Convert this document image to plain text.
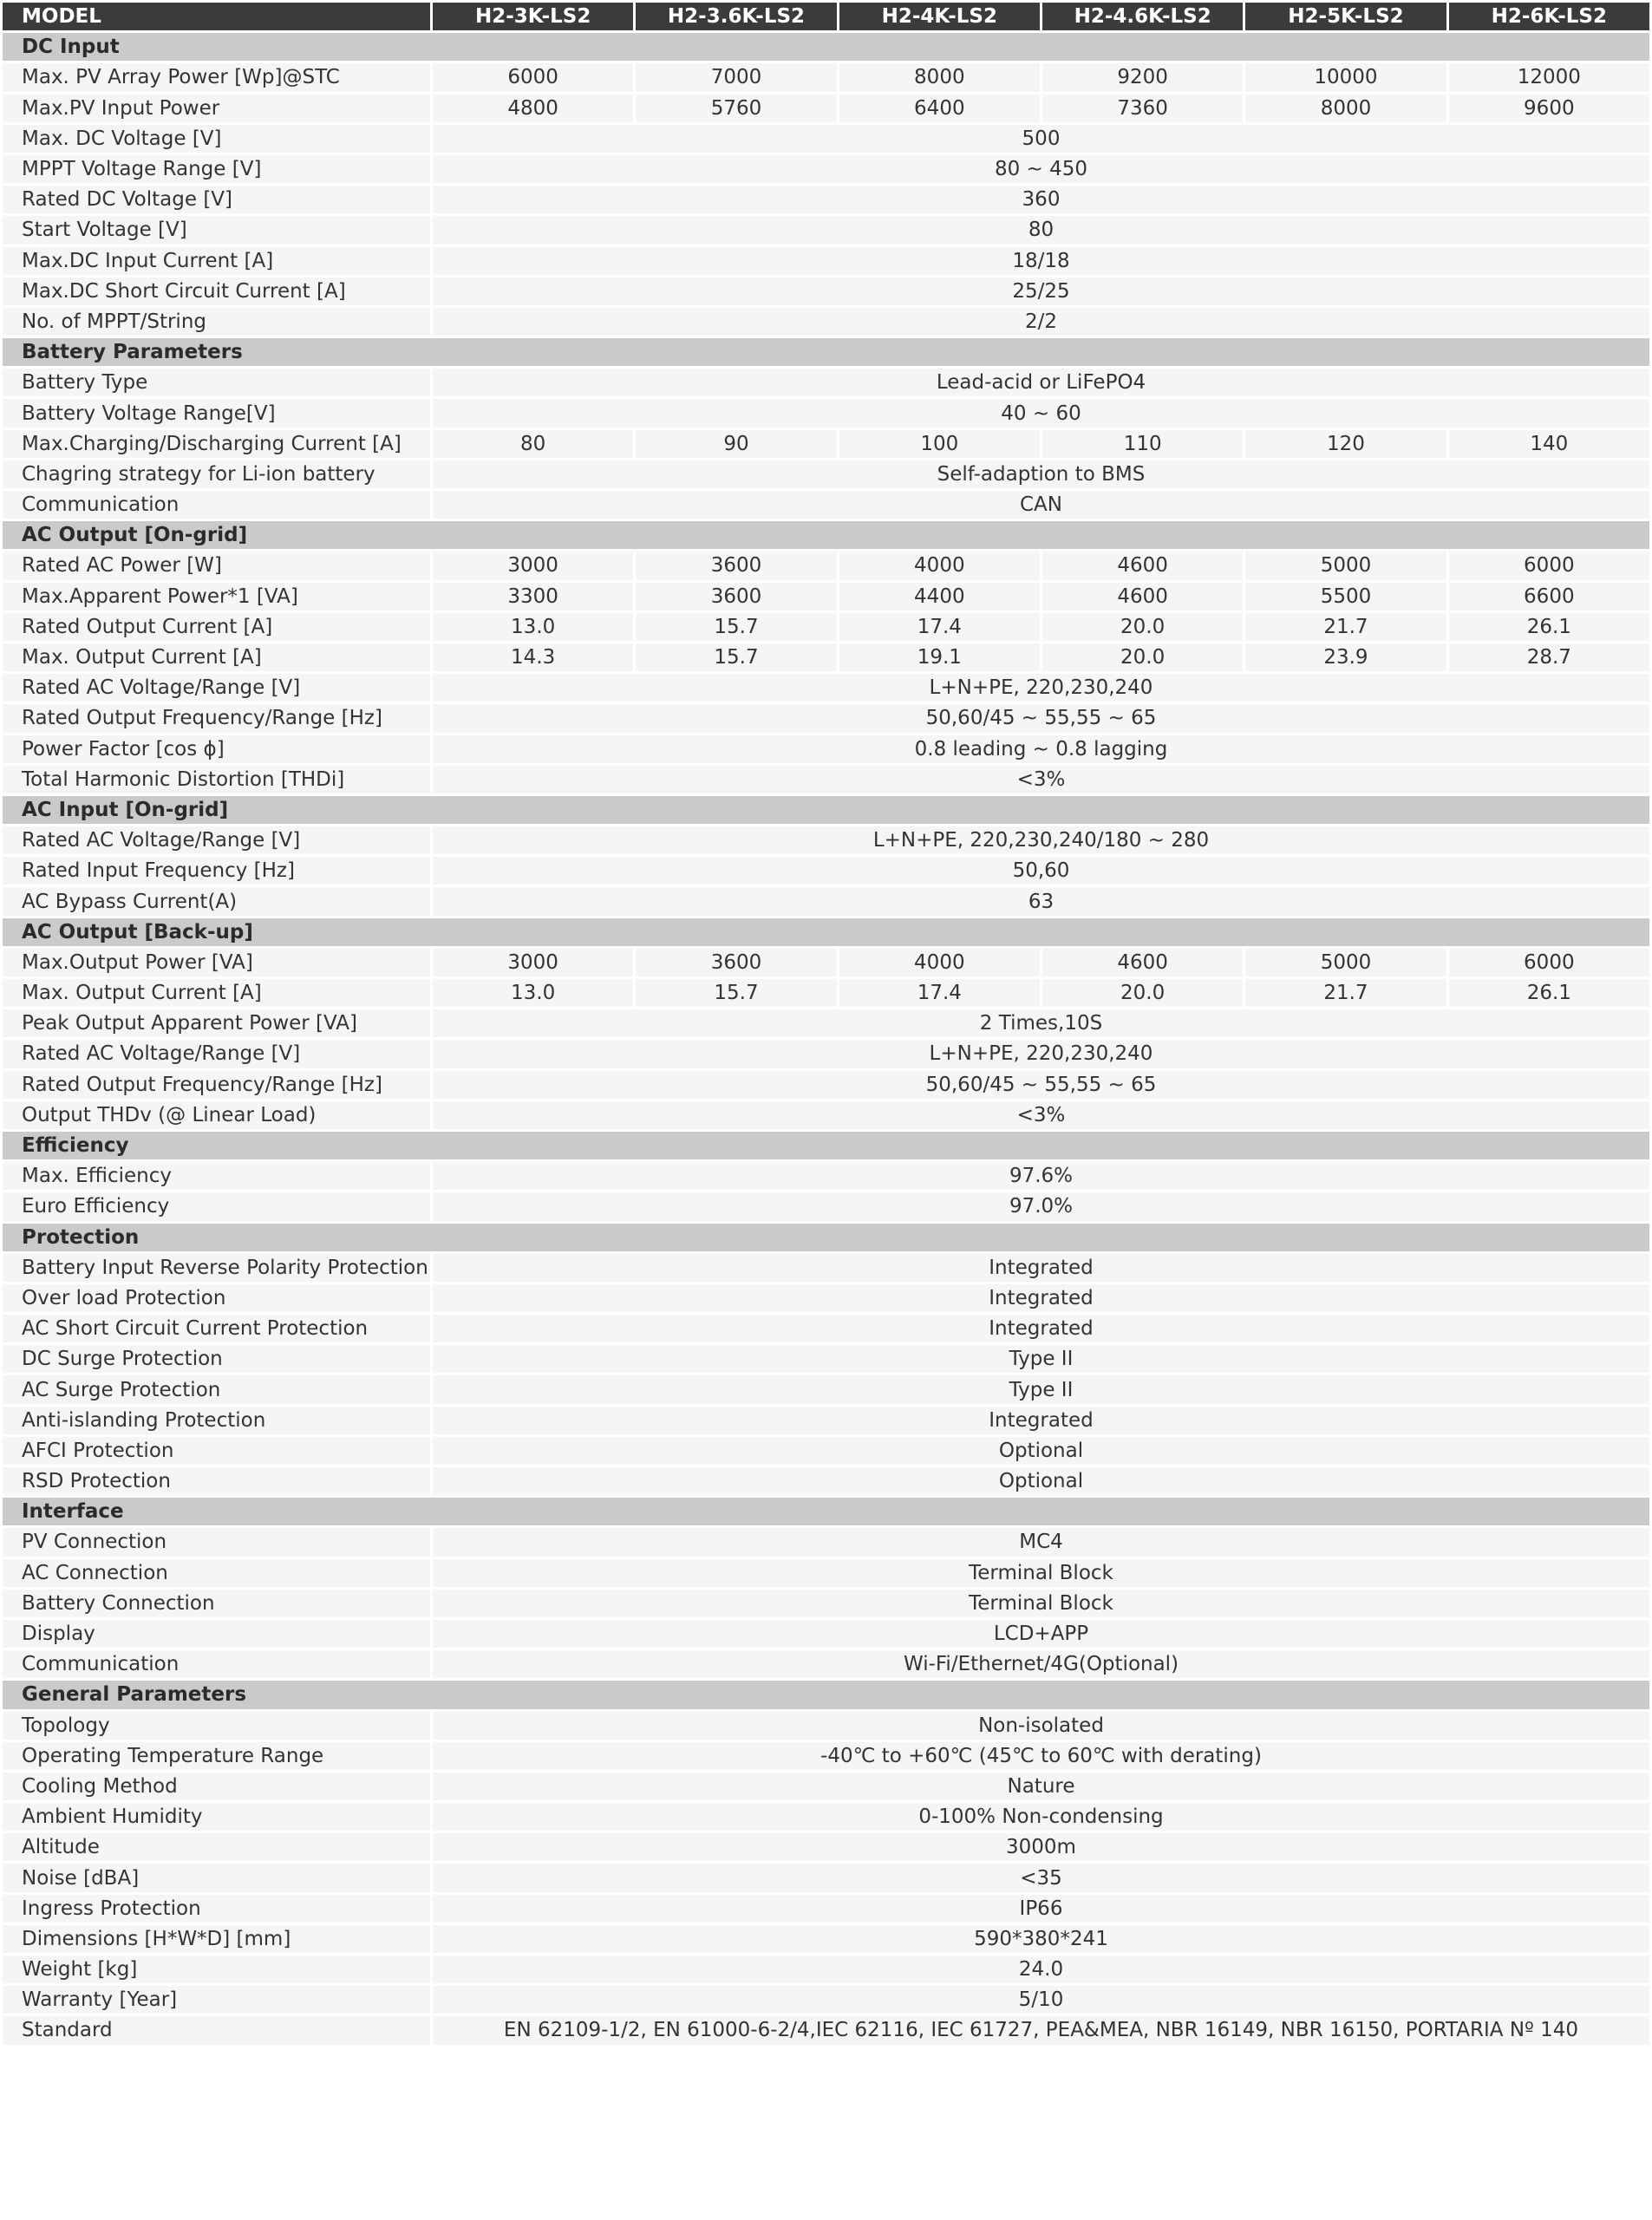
MODEL	H2-3K-LS2	H2-3.6K-LS2	H2-4K-LS2	H2-4.6K-LS2	H2-5K-LS2	H2-6K-LS2
DC Input						
Max. PV Array Power [Wp]@STC	6000	7000	8000	9200	10000	12000
Max.PV Input Power	4800	5760	6400	7360	8000	9600
Max. DC Voltage [V]	500					
MPPT Voltage Range [V]	80 ~ 450					
Rated DC Voltage [V]	360					
Start Voltage [V]	80					
Max.DC Input Current [A]	18/18					
Max.DC Short Circuit Current [A]	25/25					
No. of MPPT/String	2/2					
Battery Parameters						
Battery Type	Lead-acid or LiFePO4					
Battery Voltage Range[V]	40 ~ 60					
Max.Charging/Discharging Current [A]	80	90	100	110	120	140
Chagring strategy for Li-ion battery	Self-adaption to BMS					
Communication	CAN					
AC Output [On-grid]						
Rated AC Power [W]	3000	3600	4000	4600	5000	6000
Max.Apparent Power*1 [VA]	3300	3600	4400	4600	5500	6600
Rated Output Current [A]	13.0	15.7	17.4	20.0	21.7	26.1
Max. Output Current [A]	14.3	15.7	19.1	20.0	23.9	28.7
Rated AC Voltage/Range [V]	L+N+PE, 220,230,240					
Rated Output Frequency/Range [Hz]	50,60/45 ~ 55,55 ~ 65					
Power Factor [cos ϕ]	0.8 leading ~ 0.8 lagging					
Total Harmonic Distortion [THDi]	<3%					
AC Input [On-grid]						
Rated AC Voltage/Range [V]	L+N+PE, 220,230,240/180 ~ 280					
Rated Input Frequency [Hz]	50,60					
AC Bypass Current(A)	63					
AC Output [Back-up]						
Max.Output Power [VA]	3000	3600	4000	4600	5000	6000
Max. Output Current [A]	13.0	15.7	17.4	20.0	21.7	26.1
Peak Output Apparent Power [VA]	2 Times,10S					
Rated AC Voltage/Range [V]	L+N+PE, 220,230,240					
Rated Output Frequency/Range [Hz]	50,60/45 ~ 55,55 ~ 65					
Output THDv (@ Linear Load)	<3%					
Efficiency						
Max. Efficiency	97.6%					
Euro Efficiency	97.0%					
Protection						
Battery Input Reverse Polarity Protection	Integrated					
Over load Protection	Integrated					
AC Short Circuit Current Protection	Integrated					
DC Surge Protection	Type II					
AC Surge Protection	Type II					
Anti-islanding Protection	Integrated					
AFCI Protection	Optional					
RSD Protection	Optional					
Interface						
PV Connection	MC4					
AC Connection	Terminal Block					
Battery Connection	Terminal Block					
Display	LCD+APP					
Communication	Wi-Fi/Ethernet/4G(Optional)					
General Parameters						
Topology	Non-isolated					
Operating Temperature Range	-40℃ to +60℃ (45℃ to 60℃ with derating)					
Cooling Method	Nature					
Ambient Humidity	0-100% Non-condensing					
Altitude	3000m					
Noise [dBA]	<35					
Ingress Protection	IP66					
Dimensions [H*W*D] [mm]	590*380*241					
Weight [kg]	24.0					
Warranty [Year]	5/10					
Standard	EN 62109-1/2, EN 61000-6-2/4,IEC 62116, IEC 61727, PEA&MEA, NBR 16149, NBR 16150, PORTARIA Nº 140					
